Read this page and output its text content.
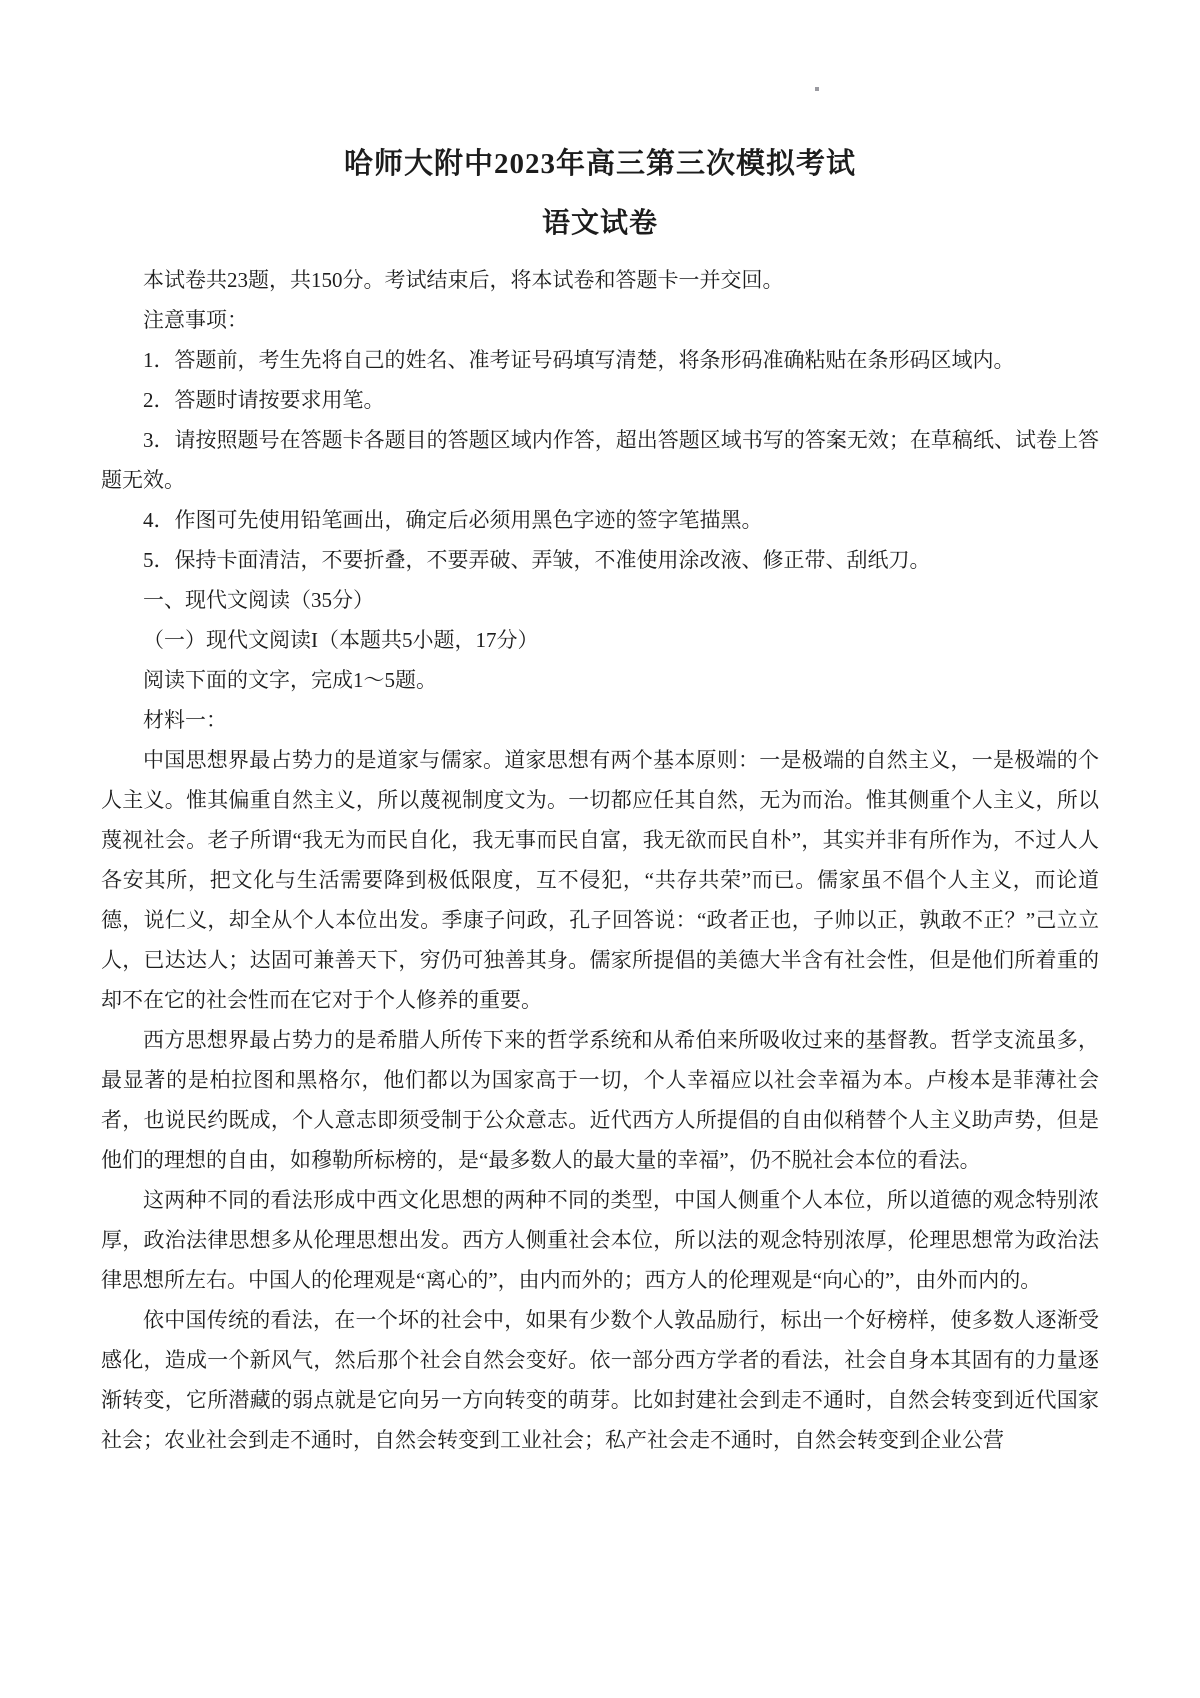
哈师大附中2023年高三第三次模拟考试
语文试卷

本试卷共23题，共150分。考试结束后，将本试卷和答题卡一并交回。

注意事项：

1．答题前，考生先将自己的姓名、准考证号码填写清楚，将条形码准确粘贴在条形码区域内。

2．答题时请按要求用笔。

3．请按照题号在答题卡各题目的答题区域内作答，超出答题区域书写的答案无效；在草稿纸、试卷上答题无效。

4．作图可先使用铅笔画出，确定后必须用黑色字迹的签字笔描黑。

5．保持卡面清洁，不要折叠，不要弄破、弄皱，不准使用涂改液、修正带、刮纸刀。

一、现代文阅读（35分）

（一）现代文阅读I（本题共5小题，17分）

阅读下面的文字，完成1～5题。

材料一：

中国思想界最占势力的是道家与儒家。道家思想有两个基本原则：一是极端的自然主义，一是极端的个人主义。惟其偏重自然主义，所以蔑视制度文为。一切都应任其自然，无为而治。惟其侧重个人主义，所以蔑视社会。老子所谓“我无为而民自化，我无事而民自富，我无欲而民自朴”，其实并非有所作为，不过人人各安其所，把文化与生活需要降到极低限度，互不侵犯，“共存共荣”而已。儒家虽不倡个人主义，而论道德，说仁义，却全从个人本位出发。季康子问政，孔子回答说：“政者正也，子帅以正，孰敢不正？”己立立人，已达达人；达固可兼善天下，穷仍可独善其身。儒家所提倡的美德大半含有社会性，但是他们所着重的却不在它的社会性而在它对于个人修养的重要。

西方思想界最占势力的是希腊人所传下来的哲学系统和从希伯来所吸收过来的基督教。哲学支流虽多，最显著的是柏拉图和黑格尔，他们都以为国家高于一切，个人幸福应以社会幸福为本。卢梭本是菲薄社会者，也说民约既成，个人意志即须受制于公众意志。近代西方人所提倡的自由似稍替个人主义助声势，但是他们的理想的自由，如穆勒所标榜的，是“最多数人的最大量的幸福”，仍不脱社会本位的看法。

这两种不同的看法形成中西文化思想的两种不同的类型，中国人侧重个人本位，所以道德的观念特别浓厚，政治法律思想多从伦理思想出发。西方人侧重社会本位，所以法的观念特别浓厚，伦理思想常为政治法律思想所左右。中国人的伦理观是“离心的”，由内而外的；西方人的伦理观是“向心的”，由外而内的。

依中国传统的看法，在一个坏的社会中，如果有少数个人敦品励行，标出一个好榜样，使多数人逐渐受感化，造成一个新风气，然后那个社会自然会变好。依一部分西方学者的看法，社会自身本其固有的力量逐渐转变，它所潜藏的弱点就是它向另一方向转变的萌芽。比如封建社会到走不通时，自然会转变到近代国家社会；农业社会到走不通时，自然会转变到工业社会；私产社会走不通时，自然会转变到企业公营
